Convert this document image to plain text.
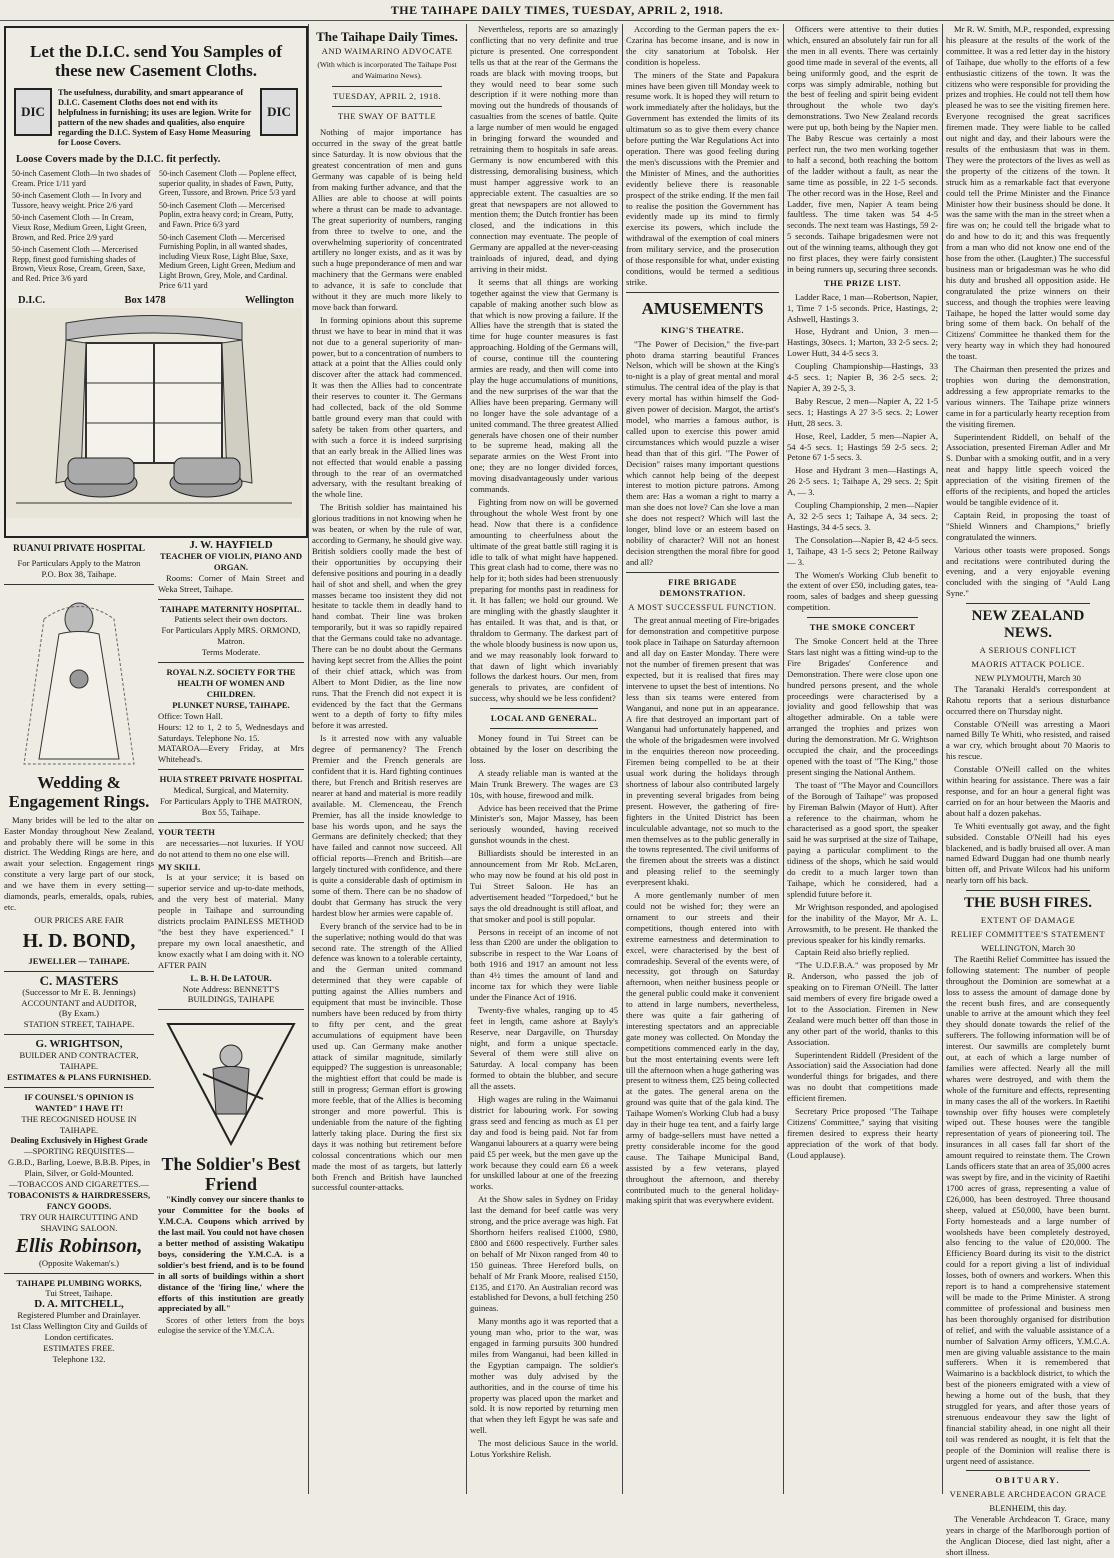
THE TAIHAPE DAILY TIMES, TUESDAY, APRIL 2, 1918.
Let the D.I.C. send You Samples of these new Casement Cloths.
DIC
The usefulness, durability, and smart appearance of D.I.C. Casement Cloths does not end with its helpfulness in furnishing; its uses are legion. Write for pattern of the new shades and qualities, also enquire regarding the D.I.C. System of Easy Home Measuring for Loose Covers.
DIC
Loose Covers made by the D.I.C. fit perfectly.
50-inch Casement Cloth—In two shades of Cream. Price 1/11 yard
50-inch Casement Cloth — In Ivory and Tussore, heavy weight. Price 2/6 yard
50-inch Casement Cloth — In Cream, Vieux Rose, Medium Green, Light Green, Brown, and Red. Price 2/9 yard
50-inch Casement Cloth — Mercerised Repp, finest good furnishing shades of Brown, Vieux Rose, Cream, Green, Saxe, and Red. Price 3/6 yard
50-inch Casement Cloth — Poplene effect, superior quality, in shades of Fawn, Putty, Green, Tussore, and Brown. Price 5/3 yard
50-inch Casement Cloth — Mercerised Poplin, extra heavy cord; in Cream, Putty, and Fawn. Price 6/3 yard
50-inch Casement Cloth — Mercerised Furnishing Poplin, in all wanted shades, including Vieux Rose, Light Blue, Saxe, Medium Green, Light Green, Medium and Light Brown, Grey, Mole, and Cardinal. Price 6/11 yard
D.I.C.	Box 1478	Wellington
RUANUI PRIVATE HOSPITAL
For Particulars Apply to the Matron
P.O. Box 38, Taihape.
Wedding & Engagement Rings.

Many brides will be led to the altar on Easter Monday throughout New Zealand, and probably there will be some in this district. The Wedding Rings are here, and await your selection. Engagement rings constitute a very large part of our stock, and we have them in every setting—diamonds, pearls, emeralds, opals, rubies, etc.

OUR PRICES ARE FAIR
H. D. BOND,
JEWELLER — TAIHAPE.
C. MASTERS
(Successor to Mr E. B. Jennings)
ACCOUNTANT and AUDITOR,
(By Exam.)
STATION STREET, TAIHAPE.
G. WRIGHTSON,
BUILDER AND CONTRACTER,
TAIHAPE.
ESTIMATES & PLANS FURNISHED.
IF COUNSEL'S OPINION IS WANTED" I HAVE IT!
THE RECOGNISED HOUSE IN TAIHAPE.
Dealing Exclusively in Highest Grade
—SPORTING REQUISITES—
G.B.D., Barling, Loewe, B.B.B. Pipes, in Plain, Silver, or Gold-Mounted.
—TOBACCOS AND CIGARETTES.—
TOBACONISTS & HAIRDRESSERS, FANCY GOODS.
TRY OUR HAIRCUTTING AND SHAVING SALOON.
Ellis Robinson,
(Opposite Wakeman's.)
TAIHAPE PLUMBING WORKS,
Tui Street, Taihape.
D. A. MITCHELL,
Registered Plumber and Drainlayer.
1st Class Wellington City and Guilds of London certificates.
ESTIMATES FREE.
Telephone 132.
J. W. HAYFIELD
TEACHER OF VIOLIN, PIANO AND ORGAN.

Rooms: Corner of Main Street and Weka Street, Taihape.

TAIHAPE MATERNITY HOSPITAL.
Patients select their own doctors.
For Particulars Apply MRS. ORMOND, Matron.
Terms Moderate.
ROYAL N.Z. SOCIETY FOR THE HEALTH OF WOMEN AND CHILDREN.
PLUNKET NURSE, TAIHAPE.
Office: Town Hall.
Hours: 12 to 1, 2 to 5, Wednesdays and Saturdays. Telephone No. 15.
MATAROA—Every Friday, at Mrs Whitehead's.
HUIA STREET PRIVATE HOSPITAL
Medical, Surgical, and Maternity.
For Particulars Apply to THE MATRON, Box 55, Taihape.
YOUR TEETH

are necessaries—not luxuries. If YOU do not attend to them no one else will.

MY SKILL

Is at your service; it is based on superior service and up-to-date methods, and the very best of material. Many people in Taihape and surrounding districts proclaim PAINLESS METHOD "the best they have experienced." I prepare my own local anaesthetic, and know exactly what I am doing with it. NO AFTER PAIN

L. B. H. De LATOUR.
Note Address: BENNETT'S BUILDINGS, TAIHAPE
The Soldier's Best Friend

"Kindly convey our sincere thanks to your Committee for the books of Y.M.C.A. Coupons which arrived by the last mail. You could not have chosen a better method of assisting Wakatipu boys, considering the Y.M.C.A. is a soldier's best friend, and is to be found in all sorts of buildings within a short distance of the 'firing line,' where the efforts of this institution are greatly appreciated by all."

Scores of other letters from the boys eulogise the service of the Y.M.C.A.

The Taihape Daily Times.
AND WAIMARINO ADVOCATE
(With which is incorporated The Taihape Post and Waimarino News).
TUESDAY, APRIL 2, 1918.
THE SWAY OF BATTLE

Nothing of major importance has occurred in the sway of the great battle since Saturday. It is now obvious that the greatest concentration of men and guns Germany was capable of is being held from making further advance, and that the Allies are able to choose at will points where a thrust can be made to advantage. The great superiority of numbers, ranging from three to twelve to one, and the overwhelming superiority of concentrated artillery no longer exists, and as it was by such a huge preponderance of men and war machinery that the Germans were enabled to advance, it is safe to conclude that without it they are much more likely to move back than forward.

In forming opinions about this supreme thrust we have to bear in mind that it was not due to a general superiority of man-power, but to a concentration of numbers to attack at a point that the Allies could only discover after the attack had commenced. It was then the Allies had to concentrate their reserves to counter it. The Germans had collected, back of the old Somme battle ground every man that could with safety be taken from other quarters, and with such a force it is indeed surprising that an early break in the Allied lines was not effected that would enable a passing through to the rear of an overmatched adversary, with the resultant breaking of the whole line.

The British soldier has maintained his glorious traditions in not knowing when he was beaten, or when by the rule of war, according to Germany, he should give way. British soldiers coolly made the best of their opportunities by occupying their defensive positions and pouring in a deadly hail of shot and shell, and when the grey masses became too insistent they did not hesitate to tackle them in deadly hand to hand combat. Their line was broken temporarily, but it was so rapidly repaired that the Germans could take no advantage. There can be no doubt about the Germans having kept secret from the Allies the point of their chief attack, which was from Albert to Mont Didier, as the line now runs. That the French did not expect it is evidenced by the fact that the Germans went to a depth of forty to fifty miles before it was arrested.

Is it arrested now with any valuable degree of permanency? The French Premier and the French generals are confident that it is. Hard fighting continues there, but French and British reserves are nearer at hand and material is more readily available. M. Clemenceau, the French Premier, has all the inside knowledge to base his words upon, and he says the Germans are definitely checked; that they have failed and cannot now succeed. All official reports—French and British—are largely tinctured with confidence, and there is quite a considerable dash of optimism in some of them. There can be no shadow of doubt that Germany has struck the very hardest blow her armies were capable of.

Every branch of the service had to be in the superlative; nothing would do that was second rate. The strength of the Allied defence was known to a tolerable certainty, and the German united command determined that they were capable of putting against the Allies numbers and equipment that must be invincible. Those numbers have been reduced by from thirty to fifty per cent, and the great accumulations of equipment have been used up. Can Germany make another attack of similar magnitude, similarly equipped? The suggestion is unreasonable; the mightiest effort that could be made is still in progress; German effort is growing more feeble, that of the Allies is becoming stronger and more powerful. This is undeniable from the nature of the fighting latterly taking place. During the first six days it was nothing but retirement before colossal concentrations which our men made the most of as targets, but latterly both French and British have launched successful counter-attacks.

Nevertheless, reports are so amazingly conflicting that no very definite and true picture is presented. One correspondent tells us that at the rear of the Germans the roads are black with moving troops, but they would need to bear some such description if it were nothing more than moving out the hundreds of thousands of casualties from the scenes of battle. Quite a large number of men would be engaged in bringing forward the wounded and retraining them to hospitals in safe areas. Germany is now encumbered with this distressing, demoralising business, which must hamper aggressive work to an appreciable extent. The casualties are so great that newspapers are not allowed to mention them; the Dutch frontier has been closed, and the indications in this connection may eventuate. The people of Germany are appalled at the never-ceasing trainloads of injured, dead, and dying arriving in their midst.

It seems that all things are working together against the view that Germany is capable of making another such blow as that which is now proving a failure. If the Allies have the strength that is stated the time for huge counter measures is fast approaching. Holding of the Germans will, of course, continue till the countering armies are ready, and then will come into play the huge accumulations of munitions, and the new surprises of the war that the Allies have been preparing. Germany will no longer have the sole advantage of a united command. The three greatest Allied generals have chosen one of their number to be supreme head, making all the separate armies on the West Front into one; they are no longer divided forces, moving disadvantageously under various commands.

Fighting from now on will be governed throughout the whole West front by one head. Now that there is a confidence amounting to cheerfulness about the ultimate of the great battle still raging it is idle to talk of what might have happened. This great clash had to come, there was no help for it; both sides had been strenuously preparing for months past in readiness for it. It has fallen; we hold our ground. We are mingling with the ghastly slaughter it has entailed. It was that, and is that, or thraldom to Germany. The darkest part of the whole bloody business is now upon us, and we may reasonably look forward to that dawn of light which invariably follows the darkest hours. Our men, from generals to privates, are confident of success, why should we be less confident?

LOCAL AND GENERAL.

Money found in Tui Street can be obtained by the loser on describing the loss.

A steady reliable man is wanted at the Main Trunk Brewery. The wages are £3 10s, with house, firewood and milk.

Advice has been received that the Prime Minister's son, Major Massey, has been seriously wounded, having received gunshot wounds in the chest.

Billiardists should be interested in an announcement from Mr Rob. McLaren, who may now be found at his old post in Tui Street Saloon. He has an advertisement headed "Torpedoed," but he says the old dreadnought is still afloat, and that smoker and pool is still popular.

Persons in receipt of an income of not less than £200 are under the obligation to subscribe in respect to the War Loans of both 1916 and 1917 an amount not less than 4½ times the amount of land and income tax for which they were liable under the Finance Act of 1916.

Twenty-five whales, ranging up to 45 feet in length, came ashore at Bayly's Reserve, near Dargaville, on Thursday night, and form a unique spectacle. Several of them were still alive on Saturday. A local company has been formed to obtain the blubber, and secure all the assets.

High wages are ruling in the Waimanui district for labouring work. For sowing grass seed and fencing as much as £1 per day and food is being paid. Not far from Wanganui labourers at a quarry were being paid £5 per week, but the men gave up the work because they could earn £6 a week for unskilled labour at one of the freezing works.

At the Show sales in Sydney on Friday last the demand for beef cattle was very strong, and the price average was high. Fat Shorthorn heifers realised £1000, £980, £800 and £600 respectively. Further sales on behalf of Mr Nixon ranged from 40 to 150 guineas. Three Hereford bulls, on behalf of Mr Frank Moore, realised £150, £135, and £170. An Australian record was established for Devons, a bull fetching 250 guineas.

Many months ago it was reported that a young man who, prior to the war, was engaged in farming pursuits 300 hundred miles from Wanganui, had been killed in the Egyptian campaign. The soldier's mother was duly advised by the authorities, and in the course of time his property was placed upon the market and sold. It is now reported by returning men that when they left Egypt he was safe and well.

The most delicious Sauce in the world. Lotus Yorkshire Relish.

According to the German papers the ex-Czarina has become insane, and is now in the city sanatorium at Tobolsk. Her condition is hopeless.

The miners of the State and Papakura mines have been given till Monday week to resume work. It is hoped they will return to work immediately after the holidays, but the Government has extended the limits of its ultimatum so as to give them every chance before putting the War Regulations Act into operation. There was good feeling during the men's discussions with the Premier and the Minister of Mines, and the authorities evidently believe there is reasonable prospect of the strike ending. If the men fail to realise the position the Government has evidently made up its mind to firmly exercise its powers, which include the withdrawal of the exemption of coal miners from military service, and the prosecution of those responsible for what, under existing conditions, would be termed a seditious strike.

AMUSEMENTS
KING'S THEATRE.

"The Power of Decision," the five-part photo drama starring beautiful Frances Nelson, which will be shown at the King's to-night is a play of great mental and moral stimulus. The central idea of the play is that every mortal has within himself the God-given power of decision. Margot, the artist's model, who marries a famous author, is called upon to exercise this power amid circumstances which would puzzle a wiser head than that of this girl. "The Power of Decision" raises many important questions which cannot help being of the deepest interest to motion picture patrons. Among them are: Has a woman a right to marry a man she does not love? Can she love a man she does not respect? Which will last the longer, blind love or an esteem based on nobility of character? Will not an honest decision strengthen the moral fibre for good and all?

FIRE BRIGADE DEMONSTRATION.
A MOST SUCCESSFUL FUNCTION.

The great annual meeting of Fire-brigades for demonstration and competitive purpose took place in Taihape on Saturday afternoon and all day on Easter Monday. There were not the number of firemen present that was expected, but it is realised that fires may intervene to upset the best of intentions. No less than six teams were entered from Wanganui, and none put in an appearance. A fire that destroyed an important part of Wanganui had unfortunately happened, and the whole of the brigadesmen were involved in the enquiries thereon now proceeding. Firemen being compelled to be at their usual work during the holidays through shortness of labour also contributed largely in preventing several brigades from being present. However, the gathering of fire-fighters in the United District has been inculculable advantage, not so much to the men themselves as to the public generally in the towns represented. The civil uniforms of the firemen about the streets was a distinct and pleasing relief to the seemingly everpresent khaki.

A more gentlemanly number of men could not be wished for; they were an ornament to our streets and their competitions, though entered into with extreme earnestness and determination to excel, were characterised by the best of comradeship. Several of the events were, of necessity, got through on Saturday afternoon, when neither business people or the general public could make it convenient to attend in large numbers, nevertheless, there was quite a fair gathering of interesting spectators and an appreciable gate money was collected. On Monday the competitions commenced early in the day, but the most entertaining events were left till the afternoon when a huge gathering was present to witness them, £25 being collected at the gates. The general arena on the ground was quite that of the gala kind. The Taihape Women's Working Club had a busy day in their huge tea tent, and a fairly large army of badge-sellers must have netted a pretty considerable income for the good cause. The Taihape Municipal Band, assisted by a few veterans, played throughout the afternoon, and thereby contributed much to the general holiday-making spirit that was everywhere evident.

Officers were attentive to their duties which, ensured an absolutely fair run for all the men in all events. There was certainly good time made in several of the events, all being uniformly good, and the esprit de corps was simply admirable, nothing but the best of feeling and spirit being evident throughout the whole two day's demonstrations. Two New Zealand records were put up, both being by the Napier men. The Baby Rescue was certainly a most perfect run, the two men working together to half a second, both reaching the bottom of the ladder without a fault, as near the same time as possible, in 22 1-5 seconds. The other record was in the Hose, Reel and Ladder, five men, Napier A team being faultless. The time taken was 54 4-5 seconds. The next team was Hastings, 59 2-5 seconds. Taihape brigadesmen were not out of the winning teams, although they got no first places, they were fairly consistent in being runners up, securing three seconds.

THE PRIZE LIST.

Ladder Race, 1 man—Robertson, Napier, 1, Time 7 1-5 seconds. Price, Hastings, 2; Ashwell, Hastings 3.

Hose, Hydrant and Union, 3 men—Hastings, 30secs. 1; Marton, 33 2-5 secs. 2; Lower Hutt, 34 4-5 secs 3.

Coupling Championship—Hastings, 33 4-5 secs. 1; Napier B, 36 2-5 secs. 2; Napier A, 39 2-5, 3.

Baby Rescue, 2 men—Napier A, 22 1-5 secs. 1; Hastings A 27 3-5 secs. 2; Lower Hutt, 28 secs. 3.

Hose, Reel, Ladder, 5 men—Napier A, 54 4-5 secs. 1; Hastings 59 2-5 secs. 2; Petone 67 1-5 secs. 3.

Hose and Hydrant 3 men—Hastings A, 26 2-5 secs. 1; Taihape A, 29 secs. 2; Spit A, — 3.

Coupling Championship, 2 men—Napier A, 32 2-5 secs 1; Taihape A, 34 secs. 2; Hastings, 34 4-5 secs. 3.

The Consolation—Napier B, 42 4-5 secs. 1, Taihape, 43 1-5 secs 2; Petone Railway — 3.

The Women's Working Club benefit to the extent of over £50, including gates, tea-room, sales of badges and sheep guessing competition.

THE SMOKE CONCERT

The Smoke Concert held at the Three Stars last night was a fitting wind-up to the Fire Brigades' Conference and Demonstration. There were close upon one hundred persons present, and the whole proceedings were characterised by a joviality and good fellowship that was altogether admirable. On a table were arranged the trophies and prizes won during the demonstration. Mr G. Wrightson occupied the chair, and the proceedings opened with the toast of "The King," those present singing the National Anthem.

The toast of "The Mayor and Councillors of the Borough of Taihape" was proposed by Fireman Balwin (Mayor of Hutt). After a reference to the chairman, whom he characterised as a good sport, the speaker said he was surprised at the size of Taihape, paying a particular compliment to the tidiness of the shops, which he said would do credit to a much larger town than Taihape, which he considered, had a splendid future before it.

Mr Wrightson responded, and apologised for the inability of the Mayor, Mr A. L. Arrowsmith, to be present. He thanked the previous speaker for his kindly remarks.

Captain Reid also briefly replied.

"The U.D.F.B.A." was proposed by Mr R. Anderson, who passed the job of speaking on to Fireman O'Neill. The latter said members of every fire brigade owed a lot to the Association. Firemen in New Zealand were much better off than those in any other part of the world, thanks to this Association.

Superintendent Riddell (President of the Association) said the Association had done wonderful things for brigades, and there was no doubt that competitions made efficient firemen.

Secretary Price proposed "The Taihape Citizens' Committee," saying that visiting firemen desired to express their hearty appreciation of the work of that body. (Loud applause).

Mr R. W. Smith, M.P., responded, expressing his pleasure at the results of the work of the committee. It was a red letter day in the history of Taihape, due wholly to the efforts of a few enthusiastic citizens of the town. It was the citizens who were responsible for providing the prizes and trophies. He could not tell them how pleased he was to see the visiting firemen here. Everyone recognised the great sacrifices firemen made. They were liable to be called out night and day, and their labours were the results of the enthusiasm that was in them. They were the protectors of the lives as well as the property of the citizens of the town. It struck him as a remarkable fact that everyone could tell the Prime Minister and the Finance Minister how their business should be done. It was the same with the man in the street when a fire was on; he could tell the brigade what to do and how to do it; and this was frequently from a man who did not know one end of the hose from the other. (Laughter.) The successful business man or brigadesman was he who did his duty and brushed all opposition aside. He congratulated the prize winners on their success, and though the trophies were leaving Taihape, he hoped the latter would some day bring some of them back. On behalf of the Citizens' Committee he thanked them for the very hearty way in which they had honoured the toast.

The Chairman then presented the prizes and trophies won during the demonstration, addressing a few appropriate remarks to the various winners. The Taihape prize winners came in for a particularly hearty reception from the visiting firemen.

Superintendent Riddell, on behalf of the Association, presented Fireman Adler and Mr S. Dunbar with a smoking outfit, and in a very neat and happy little speech voiced the appreciation of the visiting firemen of the efforts of the recipients, and hoped the articles would be tangible evidence of it.

Captain Reid, in proposing the toast of "Shield Winners and Champions," briefly congratulated the winners.

Various other toasts were proposed. Songs and recitations were contributed during the evening, and a very enjoyable evening concluded with the singing of "Auld Lang Syne."

NEW ZEALAND NEWS.
A SERIOUS CONFLICT
MAORIS ATTACK POLICE.
NEW PLYMOUTH, March 30

The Taranaki Herald's correspondent at Rahotu reports that a serious disturbance occurred there on Thursday night.

Constable O'Neill was arresting a Maori named Billy Te Whiti, who resisted, and raised a war cry, which brought about 70 Maoris to his rescue.

Constable O'Neill called on the whites within hearing for assistance. There was a fair response, and for an hour a general fight was carried on for an hour between the Maoris and about half a dozen pakehas.

Te Whiti eventually got away, and the fight subsided. Constable O'Neill had his eyes blackened, and is badly bruised all over. A man named Edward Duggan had one thumb nearly bitten off, and Private Wilcox had his uniform nearly torn off his back.

THE BUSH FIRES.
EXTENT OF DAMAGE
RELIEF COMMITTEE'S STATEMENT
WELLINGTON, March 30

The Raetihi Relief Committee has issued the following statement: The number of people throughout the Dominion are somewhat at a loss to assess the amount of damage done by the recent bush fires, and are consequently unable to arrive at the amount which they feel they should donate towards the relief of the sufferers. The following information will be of interest. Our sawmills are completely burnt out, at each of which a large number of families were affected. Nearly all the mill whares were destroyed, and with them the whole of the furniture and effects, representing in many cases the all of the workers. In Raetihi township over fifty houses were completely wiped out. These houses were the tangible representation of years of pioneering toil. The insurances in all cases fall far short of the amount required to reinstate them. The Crown Lands officers state that an area of 35,000 acres was swept by fire, and in the vicinity of Raetihi 1700 acres of grass, representing a value of £26,000, has been destroyed. Three thousand sheep, valued at £50,000, have been burnt. Forty homesteads and a large number of woolsheds have been completely destroyed, also fencing to the value of £20,000. The Efficiency Board during its visit to the district could for a report giving a list of individual losses, both of owners and workers. When this report is to hand a comprehensive statement will be made to the Prime Minister. A strong committee of professional and business men has been thoroughly organised for distribution of relief, and with the valuable assistance of a number of Salvation Army officers, Y.M.C.A. men are giving valuable assistance to the main sufferers. When it is remembered that Waimarino is a backblock district, to which the best of the pioneers emigrated with a view of hewing a home out of the bush, that they struggled for years, and after those years of strenuous endeavour they saw the light of financial stability ahead, in one night all their toil was rendered as nought, it is felt that the people of the Dominion will realise there is urgent need of assistance.

OBITUARY.
VENERABLE ARCHDEACON GRACE
BLENHEIM, this day.

The Venerable Archdeacon T. Grace, many years in charge of the Marlborough portion of the Anglican Diocese, died last night, after a short illness.
